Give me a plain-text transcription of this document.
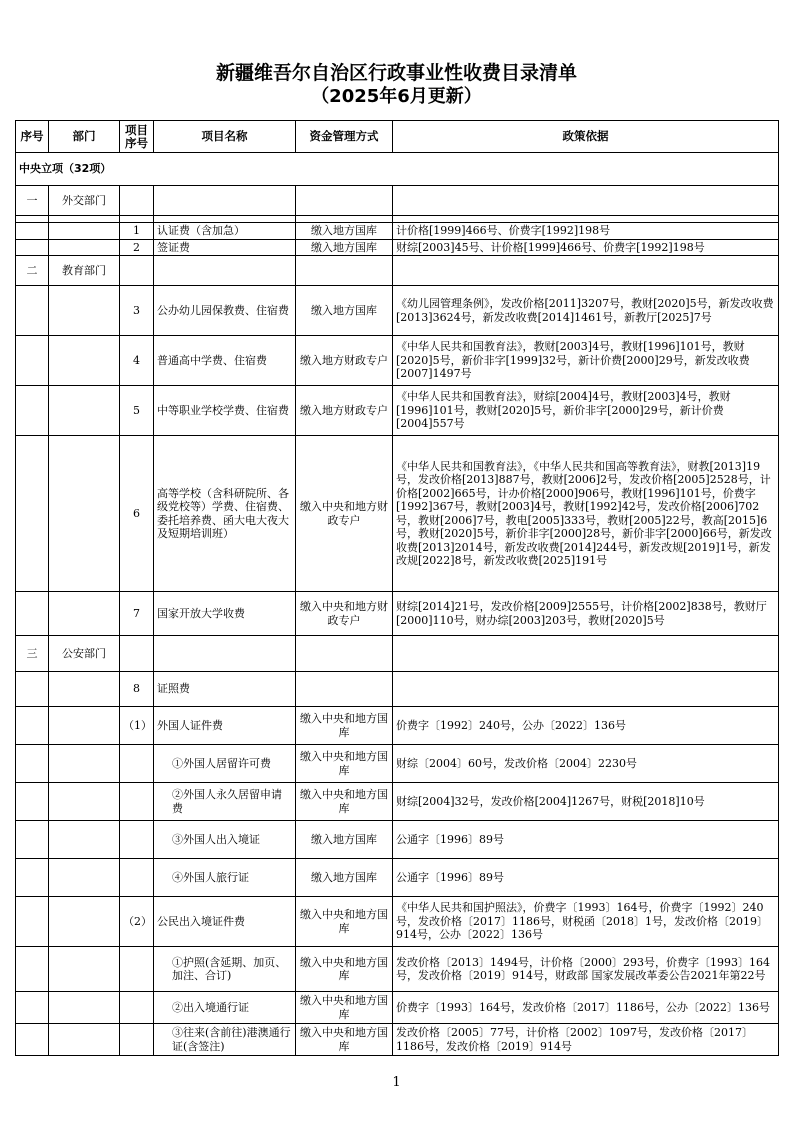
新疆维吾尔自治区行政事业性收费目录清单
（2025年6月更新）
序号	部门	项目序号	项目名称	资金管理方式	政策依据
中央立项（32项）					
一	外交部门				

		1	认证费（含加急）	缴入地方国库	计价格[1999]466号、价费字[1992]198号
		2	签证费	缴入地方国库	财综[2003]45号、计价格[1999]466号、价费字[1992]198号
二	教育部门				
		3	公办幼儿园保教费、住宿费	缴入地方国库	《幼儿园管理条例》，发改价格[2011]3207号，教财[2020]5号，新发改收费[2013]3624号，新发改收费[2014]1461号，新教厅[2025]7号
		4	普通高中学费、住宿费	缴入地方财政专户	《中华人民共和国教育法》，教财[2003]4号，教财[1996]101号，教财[2020]5号，新价非字[1999]32号，新计价费[2000]29号，新发改收费[2007]1497号
		5	中等职业学校学费、住宿费	缴入地方财政专户	《中华人民共和国教育法》，财综[2004]4号，教财[2003]4号，教财[1996]101号，教财[2020]5号，新价非字[2000]29号，新计价费[2004]557号
		6	高等学校（含科研院所、各级党校等）学费、住宿费、委托培养费、函大电大夜大及短期培训班）	缴入中央和地方财政专户	《中华人民共和国教育法》，《中华人民共和国高等教育法》，财教[2013]19号，发改价格[2013]887号，教财[2006]2号，发改价格[2005]2528号，计价格[2002]665号，计办价格[2000]906号，教财[1996]101号，价费字[1992]367号，教财[2003]4号，教财[1992]42号，发改价格[2006]702号，教财[2006]7号，教电[2005]333号，教财[2005]22号，教高[2015]6号，教财[2020]5号，新价非字[2000]28号，新价非字[2000]66号，新发改收费[2013]2014号，新发改收费[2014]244号，新发改规[2019]1号，新发改规[2022]8号，新发改收费[2025]191号
		7	国家开放大学收费	缴入中央和地方财政专户	财综[2014]21号，发改价格[2009]2555号，计价格[2002]838号，教财厅[2000]110号，财办综[2003]203号，教财[2020]5号
三	公安部门				
		8	证照费		
		（1）	外国人证件费	缴入中央和地方国库	价费字〔1992〕240号，公办〔2022〕136号
			①外国人居留许可费	缴入中央和地方国库	财综〔2004〕60号，发改价格〔2004〕2230号
			②外国人永久居留申请费	缴入中央和地方国库	财综[2004]32号，发改价格[2004]1267号，财税[2018]10号
			③外国人出入境证	缴入地方国库	公通字〔1996〕89号
			④外国人旅行证	缴入地方国库	公通字〔1996〕89号
		（2）	公民出入境证件费	缴入中央和地方国库	《中华人民共和国护照法》，价费字〔1993〕164号，价费字〔1992〕240号，发改价格〔2017〕1186号，财税函〔2018〕1号，发改价格〔2019〕914号，公办〔2022〕136号
			①护照(含延期、加页、加注、合订)	缴入中央和地方国库	发改价格〔2013〕1494号，计价格〔2000〕293号，价费字〔1993〕164号，发改价格〔2019〕914号，财政部 国家发展改革委公告2021年第22号
			②出入境通行证	缴入中央和地方国库	价费字〔1993〕164号，发改价格〔2017〕1186号，公办〔2022〕136号
			③往来(含前往)港澳通行证(含签注)	缴入中央和地方国库	发改价格〔2005〕77号，计价格〔2002〕1097号，发改价格〔2017〕1186号，发改价格〔2019〕914号
1
